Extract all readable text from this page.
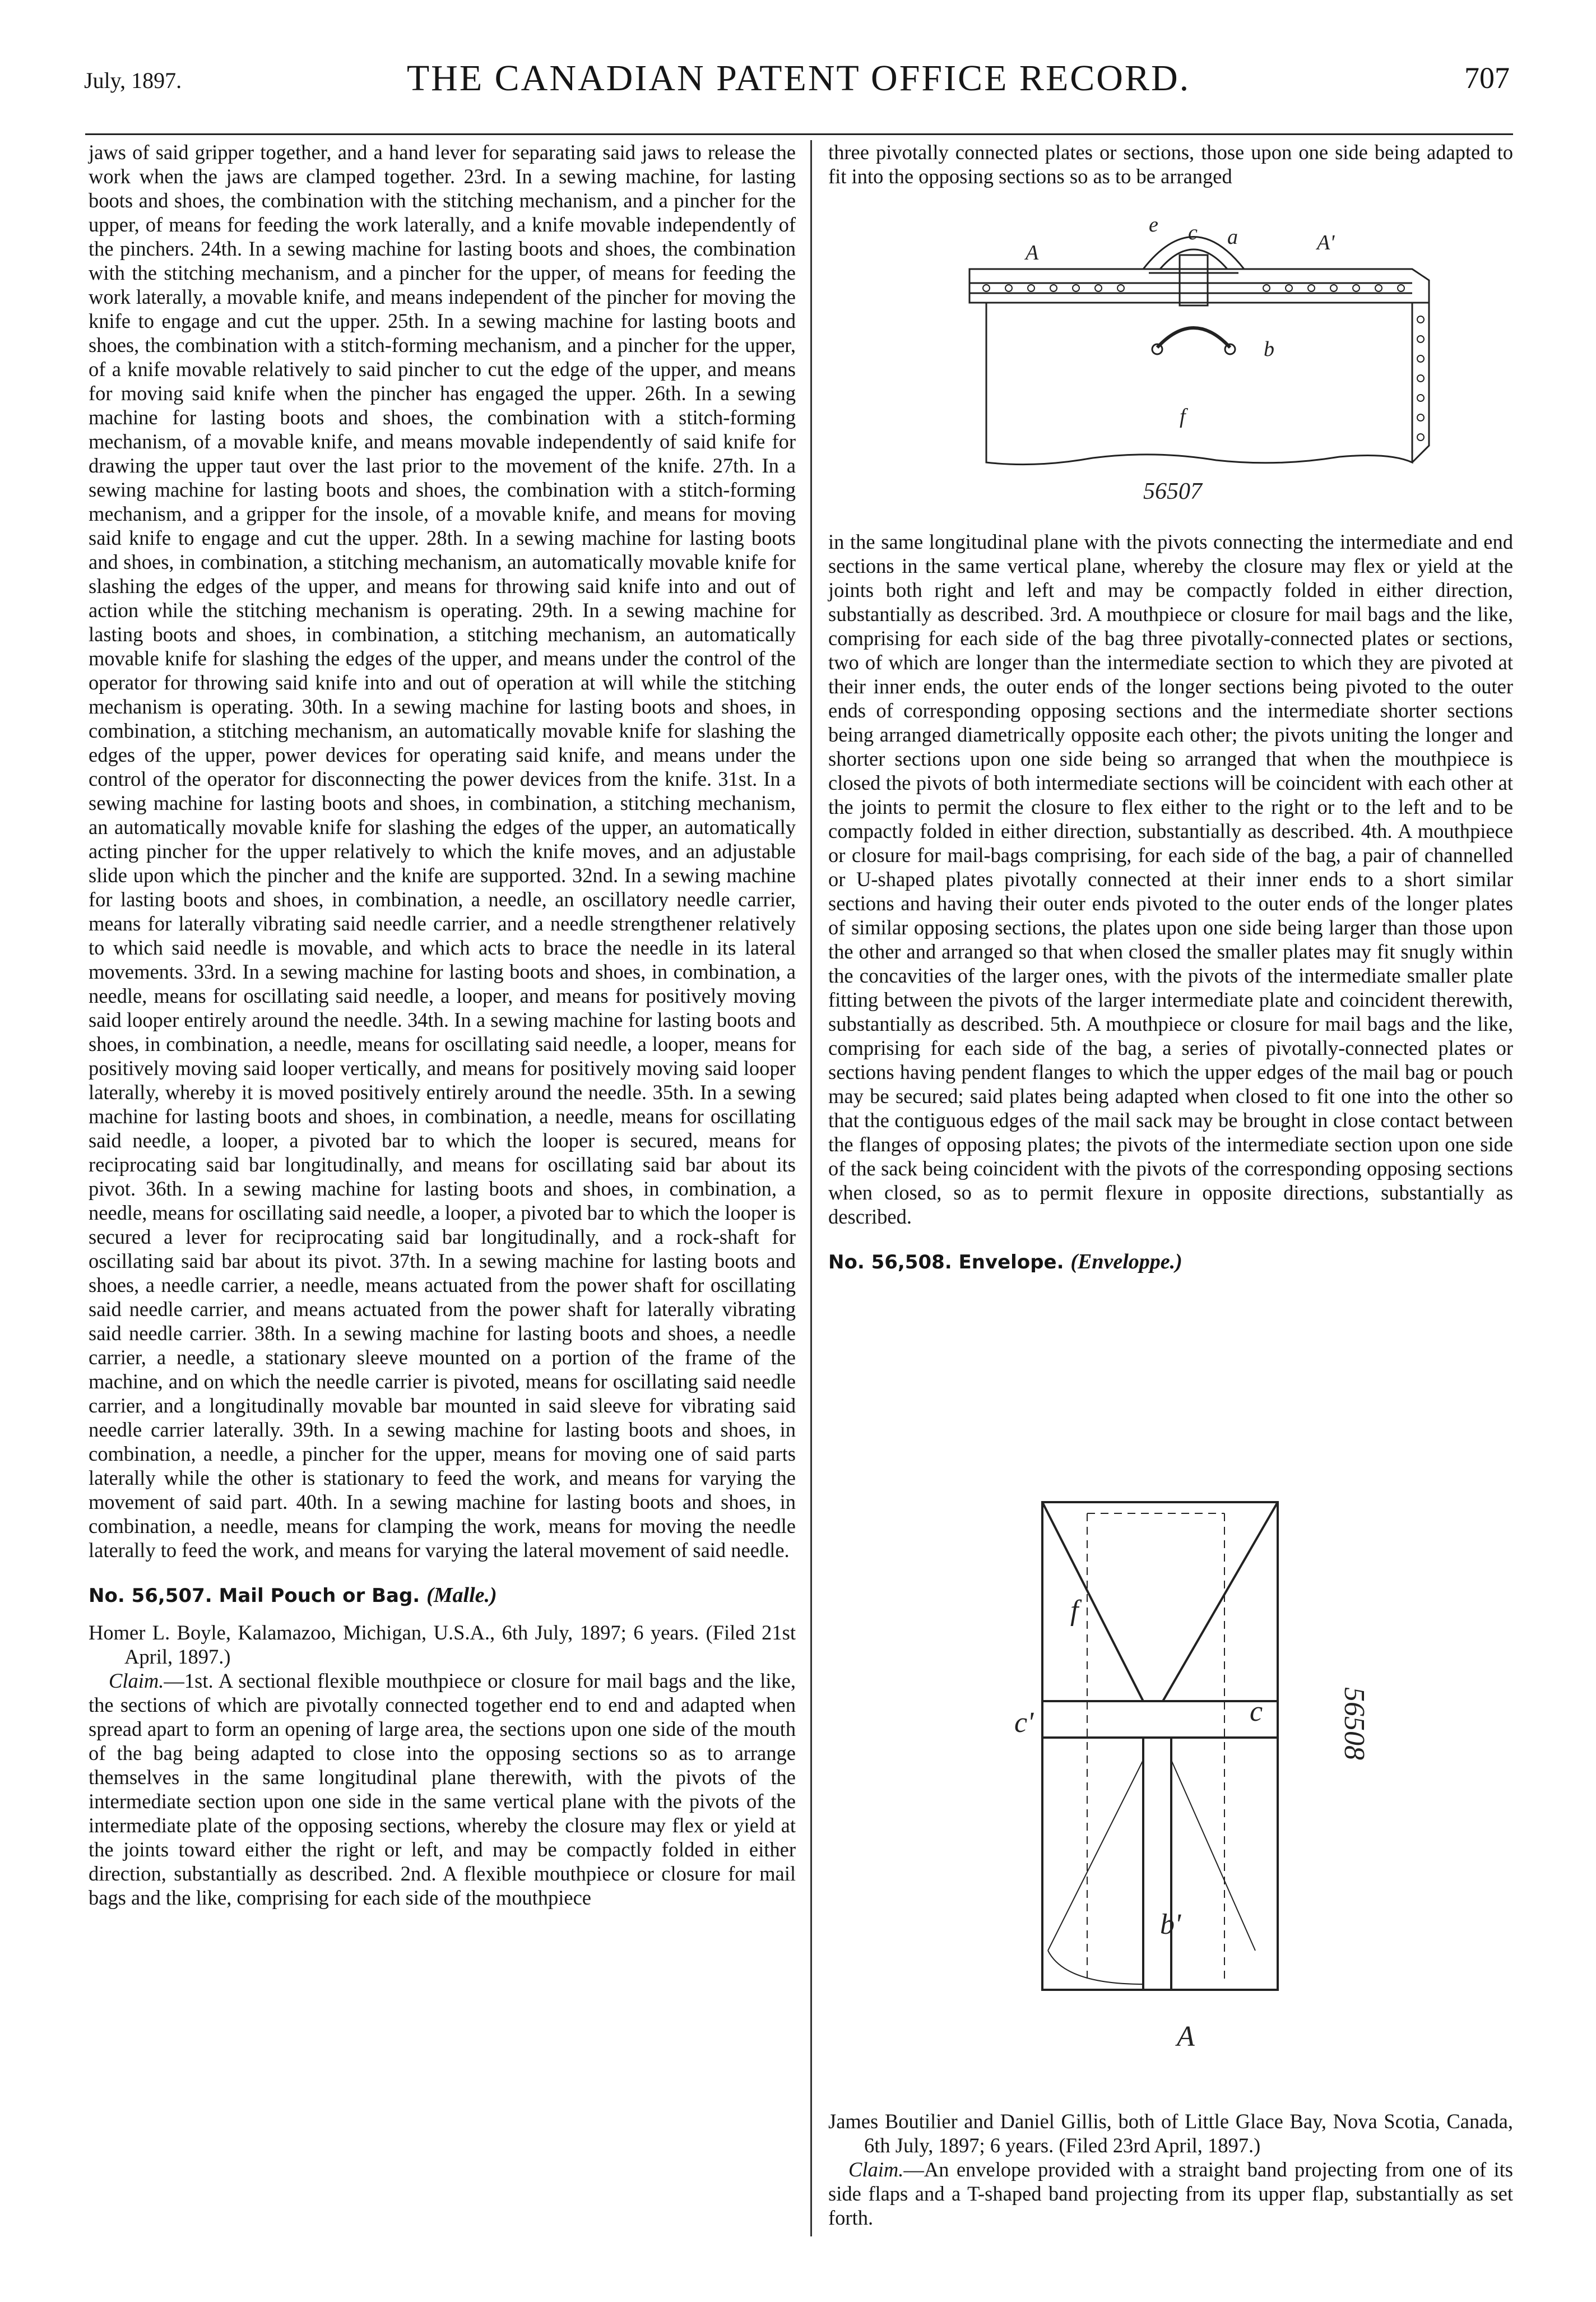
July, 1897.	THE CANADIAN PATENT OFFICE RECORD.	707

jaws of said gripper together, and a hand lever for separating said jaws to release the work when the jaws are clamped together. 23rd. In a sewing machine, for lasting boots and shoes, the combination with the stitching mechanism, and a pincher for the upper, of means for feeding the work laterally, and a knife movable independently of the pinchers. 24th. In a sewing machine for lasting boots and shoes, the combination with the stitching mechanism, and a pincher for the upper, of means for feeding the work laterally, a movable knife, and means independent of the pincher for moving the knife to engage and cut the upper. 25th. In a sewing machine for lasting boots and shoes, the combination with a stitch-forming mechanism, and a pincher for the upper, of a knife movable relatively to said pincher to cut the edge of the upper, and means for moving said knife when the pincher has engaged the upper. 26th. In a sewing machine for lasting boots and shoes, the combination with a stitch-forming mechanism, of a movable knife, and means movable independently of said knife for drawing the upper taut over the last prior to the movement of the knife. 27th. In a sewing machine for lasting boots and shoes, the combination with a stitch-forming mechanism, and a gripper for the insole, of a movable knife, and means for moving said knife to engage and cut the upper. 28th. In a sewing machine for lasting boots and shoes, in combination, a stitching mechanism, an automatically movable knife for slashing the edges of the upper, and means for throwing said knife into and out of action while the stitching mechanism is operating. 29th. In a sewing machine for lasting boots and shoes, in combination, a stitching mechanism, an automatically movable knife for slashing the edges of the upper, and means under the control of the operator for throwing said knife into and out of operation at will while the stitching mechanism is operating. 30th. In a sewing machine for lasting boots and shoes, in combination, a stitching mechanism, an automatically movable knife for slashing the edges of the upper, power devices for operating said knife, and means under the control of the operator for disconnecting the power devices from the knife. 31st. In a sewing machine for lasting boots and shoes, in combination, a stitching mechanism, an automatically movable knife for slashing the edges of the upper, an automatically acting pincher for the upper relatively to which the knife moves, and an adjustable slide upon which the pincher and the knife are supported. 32nd. In a sewing machine for lasting boots and shoes, in combination, a needle, an oscillatory needle carrier, means for laterally vibrating said needle carrier, and a needle strengthener relatively to which said needle is movable, and which acts to brace the needle in its lateral movements. 33rd. In a sewing machine for lasting boots and shoes, in combination, a needle, means for oscillating said needle, a looper, and means for positively moving said looper entirely around the needle. 34th. In a sewing machine for lasting boots and shoes, in combination, a needle, means for oscillating said needle, a looper, means for positively moving said looper vertically, and means for positively moving said looper laterally, whereby it is moved positively entirely around the needle. 35th. In a sewing machine for lasting boots and shoes, in combination, a needle, means for oscillating said needle, a looper, a pivoted bar to which the looper is secured, means for reciprocating said bar longitudinally, and means for oscillating said bar about its pivot. 36th. In a sewing machine for lasting boots and shoes, in combination, a needle, means for oscillating said needle, a looper, a pivoted bar to which the looper is secured a lever for reciprocating said bar longitudinally, and a rock-shaft for oscillating said bar about its pivot. 37th. In a sewing machine for lasting boots and shoes, a needle carrier, a needle, means actuated from the power shaft for oscillating said needle carrier, and means actuated from the power shaft for laterally vibrating said needle carrier. 38th. In a sewing machine for lasting boots and shoes, a needle carrier, a needle, a stationary sleeve mounted on a portion of the frame of the machine, and on which the needle carrier is pivoted, means for oscillating said needle carrier, and a longitudinally movable bar mounted in said sleeve for vibrating said needle carrier laterally. 39th. In a sewing machine for lasting boots and shoes, in combination, a needle, a pincher for the upper, means for moving one of said parts laterally while the other is stationary to feed the work, and means for varying the movement of said part. 40th. In a sewing machine for lasting boots and shoes, in combination, a needle, means for clamping the work, means for moving the needle laterally to feed the work, and means for varying the lateral movement of said needle.

No. 56,507. Mail Pouch or Bag. (Malle.)

Homer L. Boyle, Kalamazoo, Michigan, U.S.A., 6th July, 1897; 6 years. (Filed 21st April, 1897.)

Claim.—1st. A sectional flexible mouthpiece or closure for mail bags and the like, the sections of which are pivotally connected together end to end and adapted when spread apart to form an opening of large area, the sections upon one side of the mouth of the bag being adapted to close into the opposing sections so as to arrange themselves in the same longitudinal plane therewith, with the pivots of the intermediate section upon one side in the same vertical plane with the pivots of the intermediate plate of the opposing sections, whereby the closure may flex or yield at the joints toward either the right or left, and may be compactly folded in either direction, substantially as described. 2nd. A flexible mouthpiece or closure for mail bags and the like, comprising for each side of the mouthpiece

three pivotally connected plates or sections, those upon one side being adapted to fit into the opposing sections so as to be arranged

e c a
A	A'
b
f
56507

in the same longitudinal plane with the pivots connecting the intermediate and end sections in the same vertical plane, whereby the closure may flex or yield at the joints both right and left and may be compactly folded in either direction, substantially as described. 3rd. A mouthpiece or closure for mail bags and the like, comprising for each side of the bag three pivotally-connected plates or sections, two of which are longer than the intermediate section to which they are pivoted at their inner ends, the outer ends of the longer sections being pivoted to the outer ends of corresponding opposing sections and the intermediate shorter sections being arranged diametrically opposite each other; the pivots uniting the longer and shorter sections upon one side being so arranged that when the mouthpiece is closed the pivots of both intermediate sections will be coincident with each other at the joints to permit the closure to flex either to the right or to the left and to be compactly folded in either direction, substantially as described. 4th. A mouthpiece or closure for mail-bags comprising, for each side of the bag, a pair of channelled or U-shaped plates pivotally connected at their inner ends to a short similar sections and having their outer ends pivoted to the outer ends of the longer plates of similar opposing sections, the plates upon one side being larger than those upon the other and arranged so that when closed the smaller plates may fit snugly within the concavities of the larger ones, with the pivots of the intermediate smaller plate fitting between the pivots of the larger intermediate plate and coincident therewith, substantially as described. 5th. A mouthpiece or closure for mail bags and the like, comprising for each side of the bag, a series of pivotally-connected plates or sections having pendent flanges to which the upper edges of the mail bag or pouch may be secured; said plates being adapted when closed to fit one into the other so that the contiguous edges of the mail sack may be brought in close contact between the flanges of opposing plates; the pivots of the intermediate section upon one side of the sack being coincident with the pivots of the corresponding opposing sections when closed, so as to permit flexure in opposite directions, substantially as described.

No. 56,508. Envelope. (Enveloppe.)
f
c
c'
A
b'
56508

James Boutilier and Daniel Gillis, both of Little Glace Bay, Nova Scotia, Canada, 6th July, 1897; 6 years. (Filed 23rd April, 1897.)

Claim.—An envelope provided with a straight band projecting from one of its side flaps and a T-shaped band projecting from its upper flap, substantially as set forth.
